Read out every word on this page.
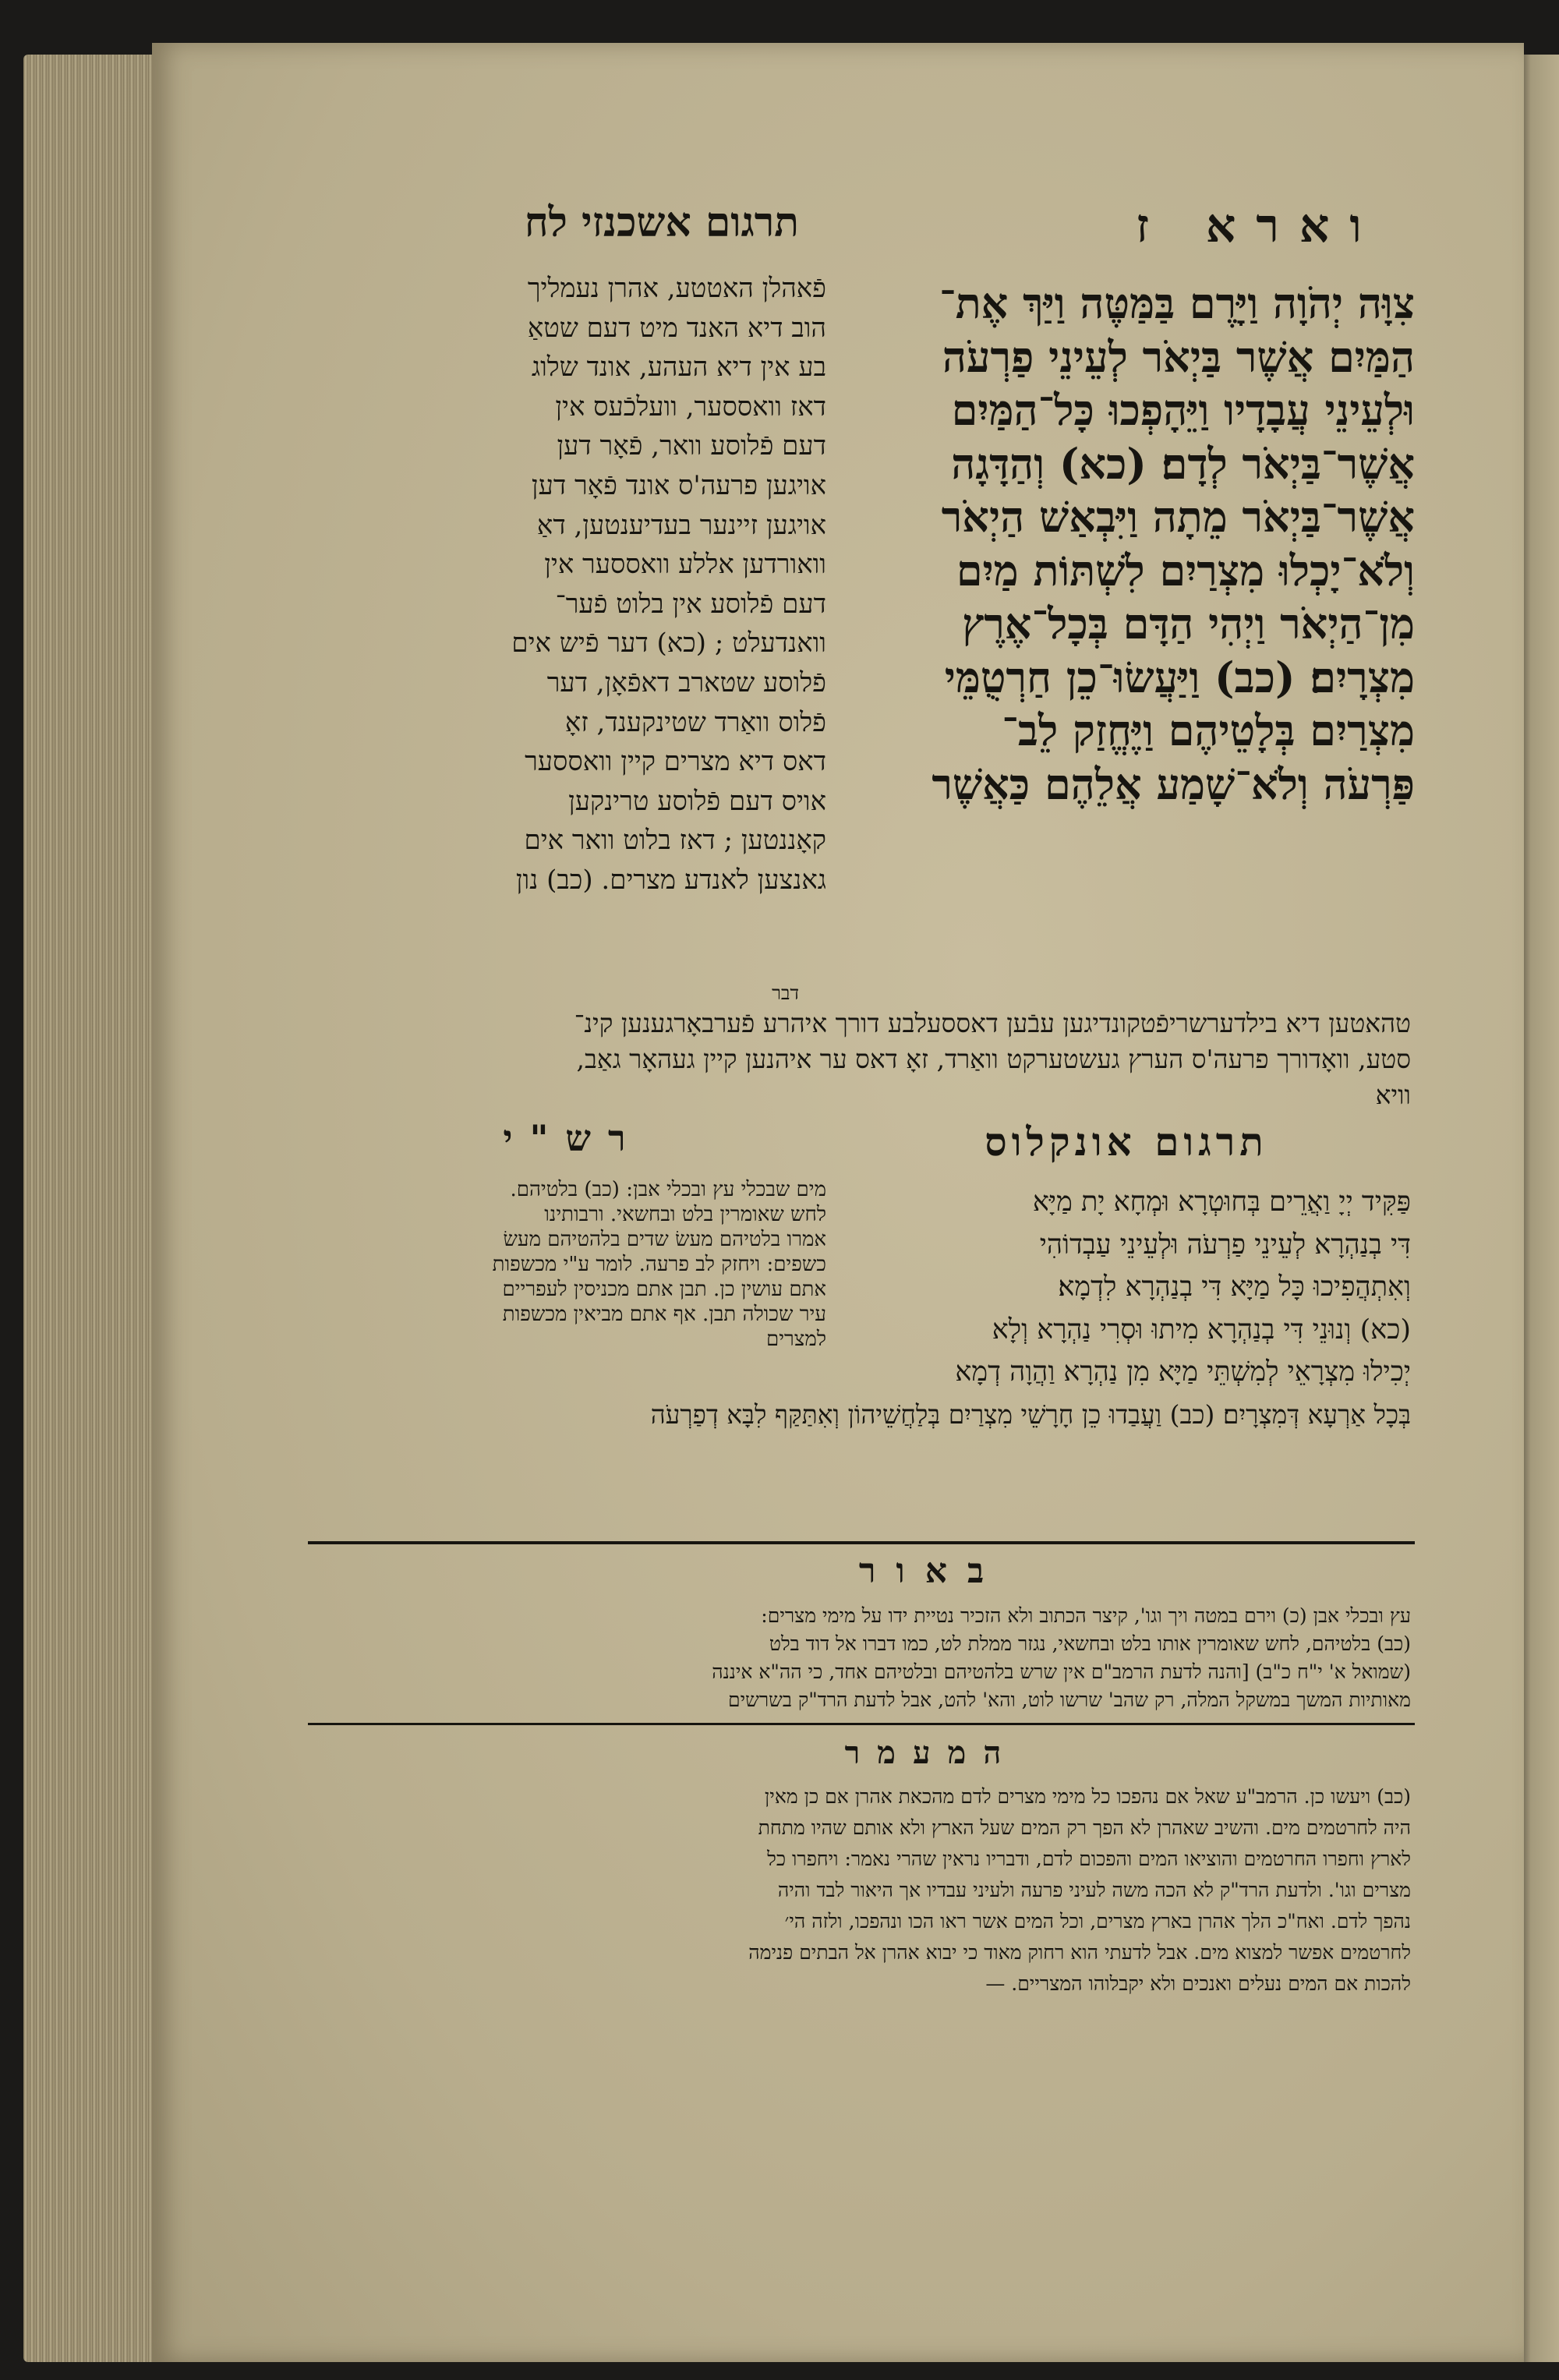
תרגום אשכנזי לח	וארא ז
פֿאהלן האטטע, אהרן נעמליך
הוב דיא האנד מיט דעם שטאַ
בע אין דיא העהע, אונד שלוג
דאז וואססער, וועלכֿעס אין
דעם פֿלוסע וואר, פֿאָר דען
אויגען פרעה'ס אונד פֿאָר דען
אויגען זיינער בעדיענטען, דאַ
וואורדען אללע וואססער אין
דעם פֿלוסע אין בלוט פֿער־
וואנדעלט ; (כא) דער פֿיש אים
פֿלוסע שטארב דאפֿאָן, דער
פֿלוס וואַרד שטינקענד, זאָ
דאס דיא מצרים קיין וואססער
אויס דעם פֿלוסע טרינקען
קאָננטען ; דאז בלוט וואר אים
גאנצען לאנדע מצרים. (כב) נון
צִוָּה יְהֹוָה וַיָּרֶם בַּמַּטֶּה וַיַּךְ אֶת־
הַמַּיִם אֲשֶׁר בַּיְאֹר לְעֵינֵי פַרְעֹה
וּלְעֵינֵי עֲבָדָיו וַיֵּהָפְכוּ כָּל־הַמַּיִם
אֲשֶׁר־בַּיְאֹר לְדָם׃ (כא) וְהַדָּגָה
אֲשֶׁר־בַּיְאֹר מֵתָה וַיִּבְאַשׁ הַיְאֹר
וְלֹא־יָכְלוּ מִצְרַיִם לִשְׁתּוֹת מַיִם
מִן־הַיְאֹר וַיְהִי הַדָּם בְּכָל־אֶרֶץ
מִצְרָיִם׃ (כב) וַיַּעֲשׂוּ־כֵן חַרְטֻמֵּי
מִצְרַיִם בְּלָטֵיהֶם וַיֶּחֱזַק לֵב־
פַּרְעֹה וְלֹא־שָׁמַע אֲלֵהֶם כַּאֲשֶׁר
דבר
טהאטען דיא בילדערשריפֿטקונדיגען עבֿען דאססעלבע דורך איהרע פֿערבאָרגענען קינ־
סטע, וואָדורך פרעה'ס הערץ געשטערקט וואַרד, זאָ דאס ער איהנען קיין געהאָר גאַב,
וויא
רש"י
מים שבכלי עץ ובכלי אבן: (כב) בלטיהם.
לחש שאומרין בלט ובחשאי. ורבותינו
אמרו בלטיהם מעשׂ שדים בלהטיהם מעשׂ
כשפים: ויחזק לב פרעה. לומר ע"י מכשפות
אתם עושין כן. תבן אתם מכניסין לעפריים
עיר שכולה תבן. אף אתם מביאין מכשפות
למצרים
תרגום אונקלוס
פַּקִּיד יְיָ וַאֲרֵים בְּחוּטְרָא וּמְחָא יָת מַיָּא
דִּי בְנַהְרָא לְעֵינֵי פַרְעֹה וּלְעֵינֵי עַבְדוֹהִי
וְאִתְהֲפִיכוּ כָּל מַיָּא דִּי בְנַהְרָא לִדְמָא׃
(כא) וְנוּנֵי דִּי בְנַהְרָא מִיתוּ וּסְרִי נַהְרָא וְלָא
יְכִילוּ מִצְרָאֵי לְמִשְׁתֵּי מַיָּא מִן נַהְרָא וַהֲוָה דְמָא
בְּכָל אַרְעָא דְּמִצְרָיִם׃ (כב) וַעֲבַדוּ כֵן חָרָשֵׁי מִצְרַיִם בְּלַחֲשֵׁיהוֹן וְאִתַּקַּף לִבָּא דְפַרְעֹה
באור
עץ ובכלי אבן (כ) וירם במטה ויך וגו', קיצר הכתוב ולא הזכיר נטיית ידו על מימי מצרים:
(כב) בלטיהם, לחש שאומרין אותו בלט ובחשאי, נגזר ממלת לט, כמו דברו אל דוד בלט
(שמואל א' י"ח כ"ב) [והנה לדעת הרמב"ם אין שרש בלהטיהם ובלטיהם אחד, כי הה"א איננה
מאותיות המשך במשקל המלה, רק שהב' שרשו לוט, והא' להט, אבל לדעת הרד"ק בשרשים
המעמר
(כב) ויעשו כן. הרמב"ע שאל אם נהפכו כל מימי מצרים לדם מהכאת אהרן אם כן מאין
היה לחרטמים מים. והשיב שאהרן לא הפך רק המים שעל הארץ ולא אותם שהיו מתחת
לארץ וחפרו החרטמים והוציאו המים והפכום לדם, ודבריו נראין שהרי נאמר: ויחפרו כל
מצרים וגו'. ולדעת הרד"ק לא הכה משה לעיני פרעה ולעיני עבדיו אך היאור לבד והיה
נהפך לדם. ואח"כ הלך אהרן בארץ מצרים, וכל המים אשר ראו הכו ונהפכו, ולזה הי׳
לחרטמים אפשר למצוא מים. אבל לדעתי הוא רחוק מאוד כי יבוא אהרן אל הבתים פנימה
להכות אם המים נעלים ואנכים ולא יקבלוהו המצריים. —
